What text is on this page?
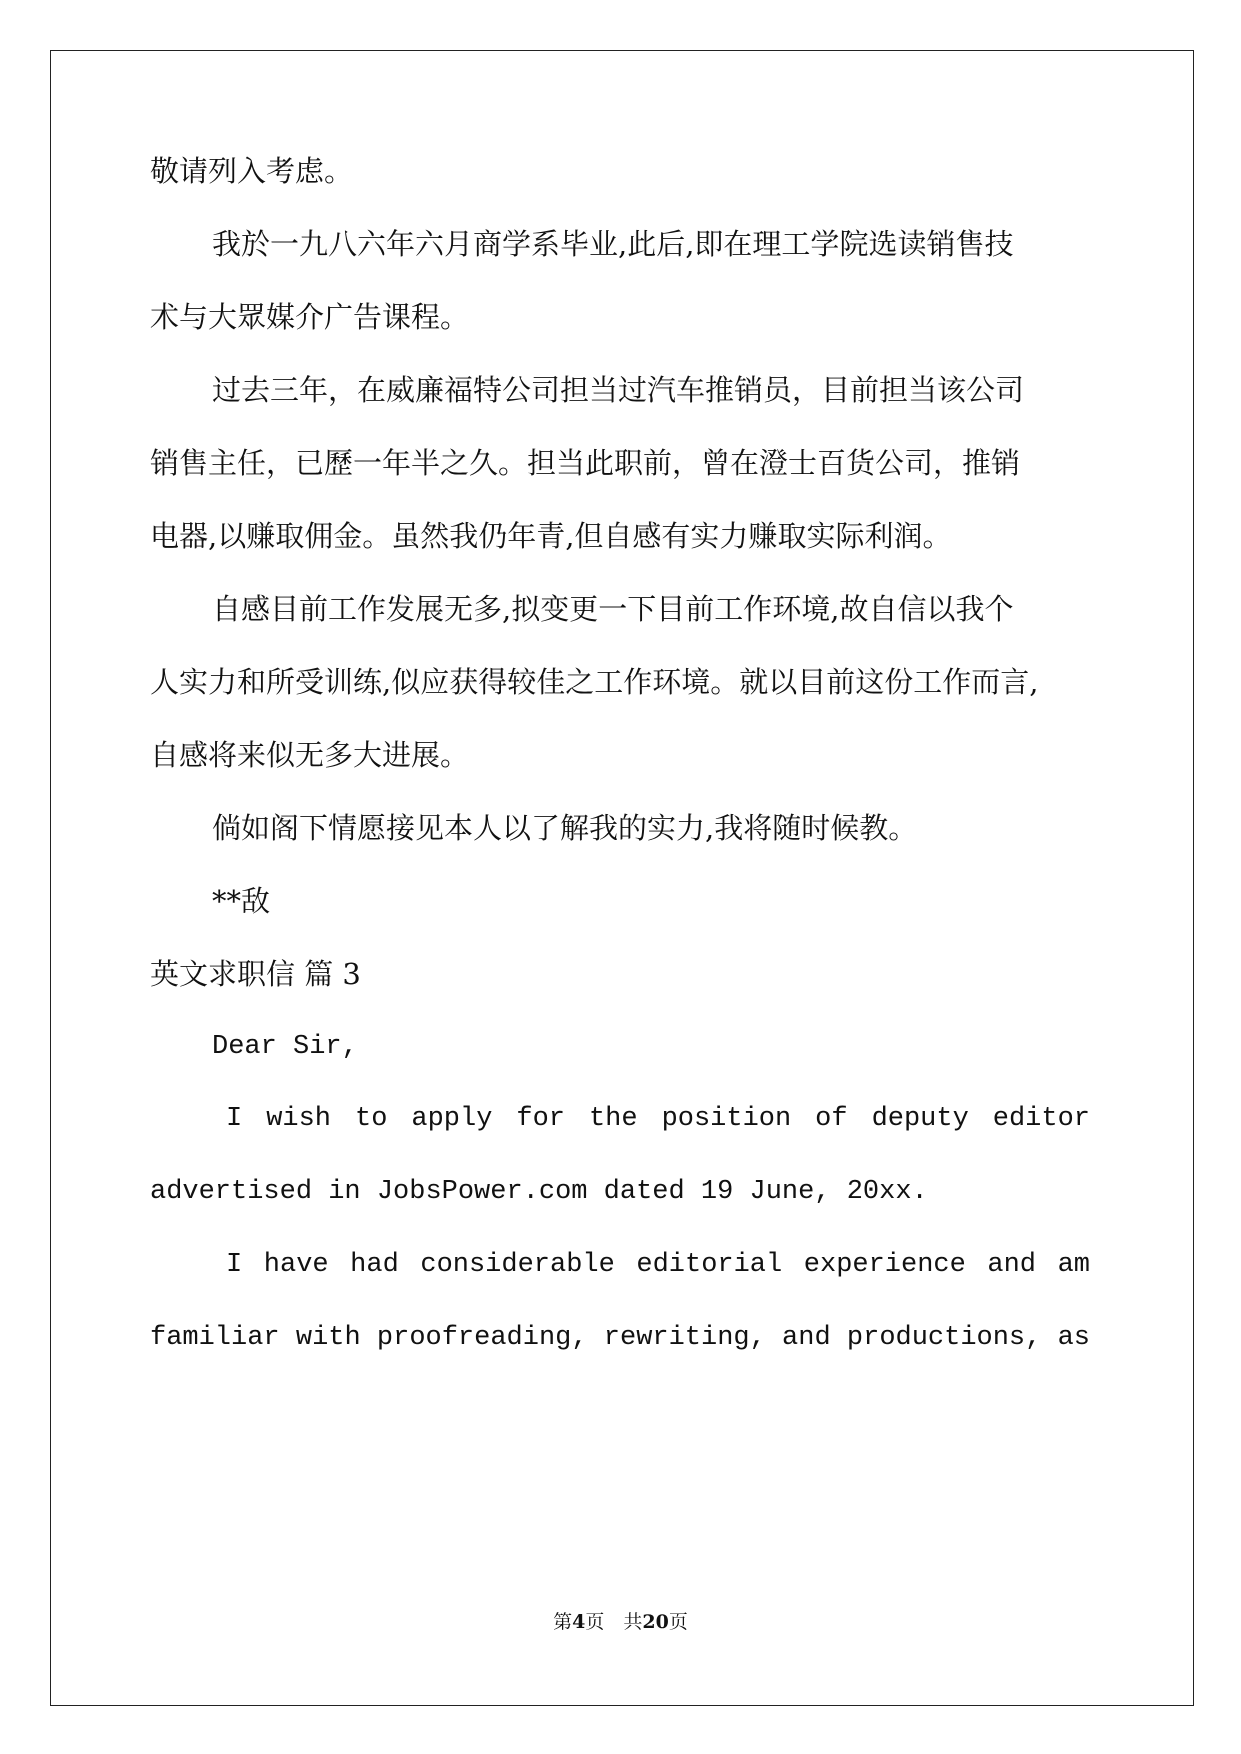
敬请列入考虑。
我於一九八六年六月商学系毕业,此后,即在理工学院选读销售技
术与大眾媒介广告课程。
过去三年，在威廉福特公司担当过汽车推销员，目前担当该公司
销售主任，已歷一年半之久。担当此职前，曾在澄士百货公司，推销
电器,以赚取佣金。虽然我仍年青,但自感有实力赚取实际利润。
自感目前工作发展无多,拟变更一下目前工作环境,故自信以我个
人实力和所受训练,似应获得较佳之工作环境。就以目前这份工作而言,
自感将来似无多大进展。
倘如阁下情愿接见本人以了解我的实力,我将随时候教。
**敌
英文求职信 篇 3
Dear Sir,
I wish to apply for the position of deputy editor
advertised in JobsPower.com dated 19 June, 20xx.
I have had considerable editorial experience and am
familiar with proofreading, rewriting, and productions, as
第4页　共20页
